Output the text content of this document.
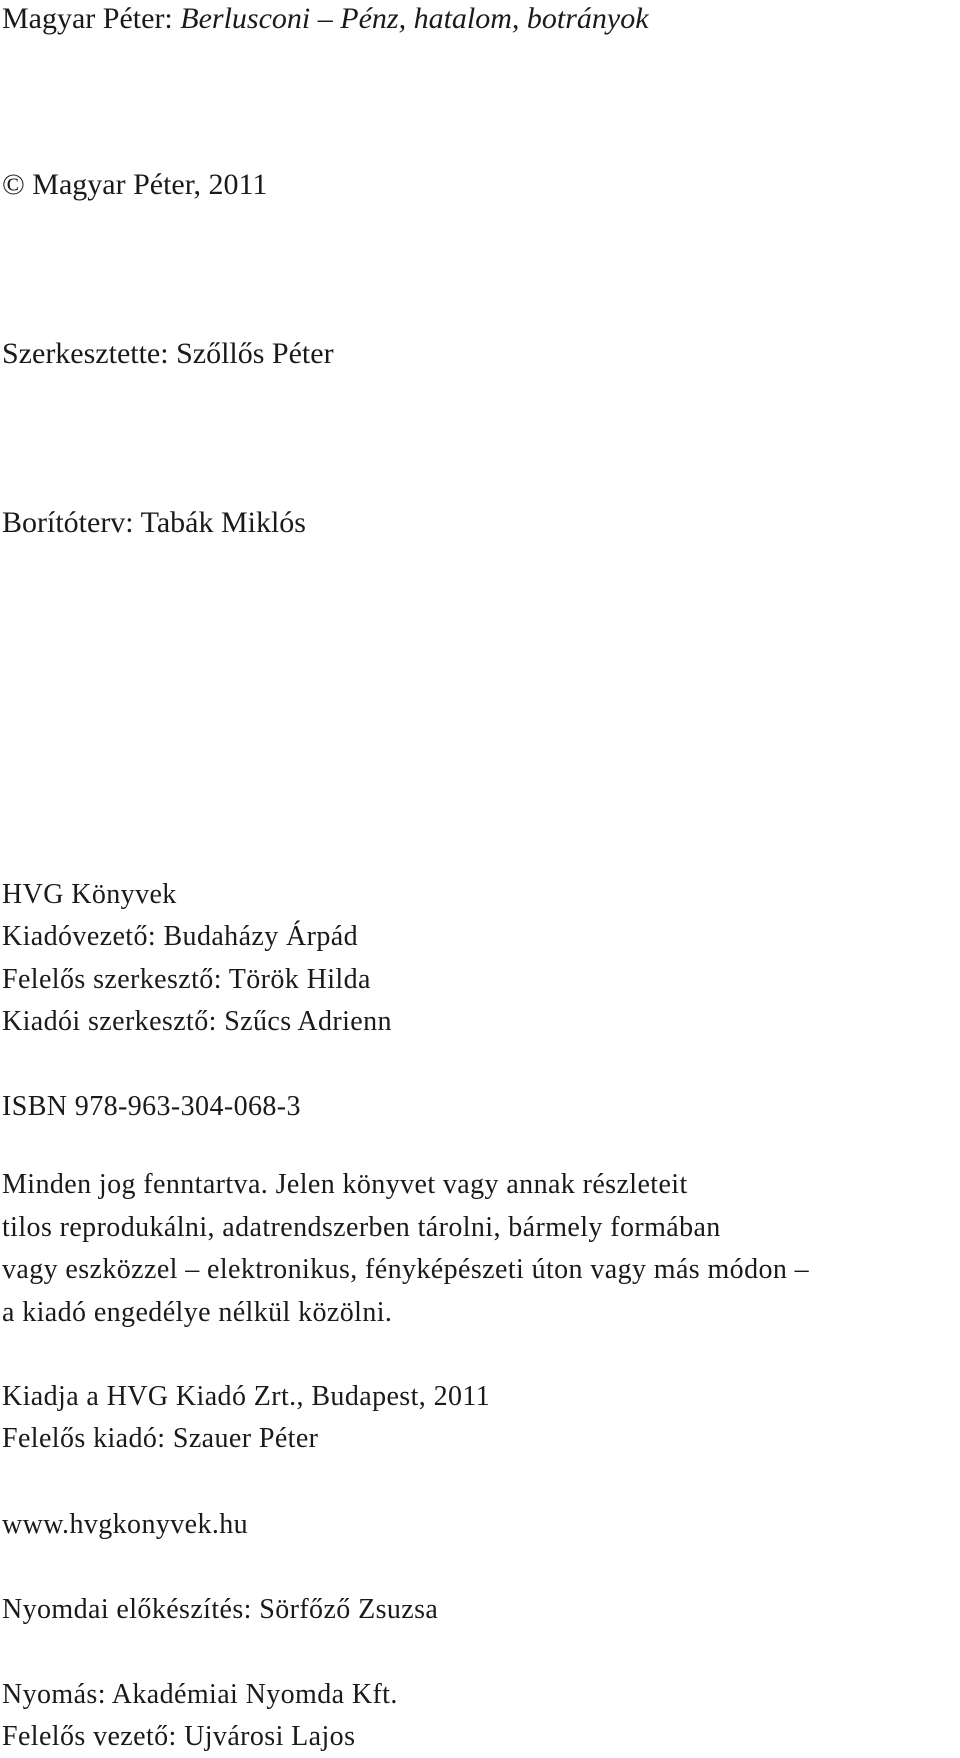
Magyar Péter: Berlusconi – Pénz, hatalom, botrányok

© Magyar Péter, 2011

Szerkesztette: Szőllős Péter

Borítóterv: Tabák Miklós

HVG Könyvek

Kiadóvezető: Budaházy Árpád

Felelős szerkesztő: Török Hilda

Kiadói szerkesztő: Szűcs Adrienn

ISBN 978-963-304-068-3

Minden jog fenntartva. Jelen könyvet vagy annak részleteit
tilos reprodukálni, adatrendszerben tárolni, bármely formában
vagy eszközzel – elektronikus, fényképészeti úton vagy más módon –
a kiadó engedélye nélkül közölni.

Kiadja a HVG Kiadó Zrt., Budapest, 2011

Felelős kiadó: Szauer Péter

www.hvgkonyvek.hu

Nyomdai előkészítés: Sörfőző Zsuzsa

Nyomás: Akadémiai Nyomda Kft.

Felelős vezető: Ujvárosi Lajos
